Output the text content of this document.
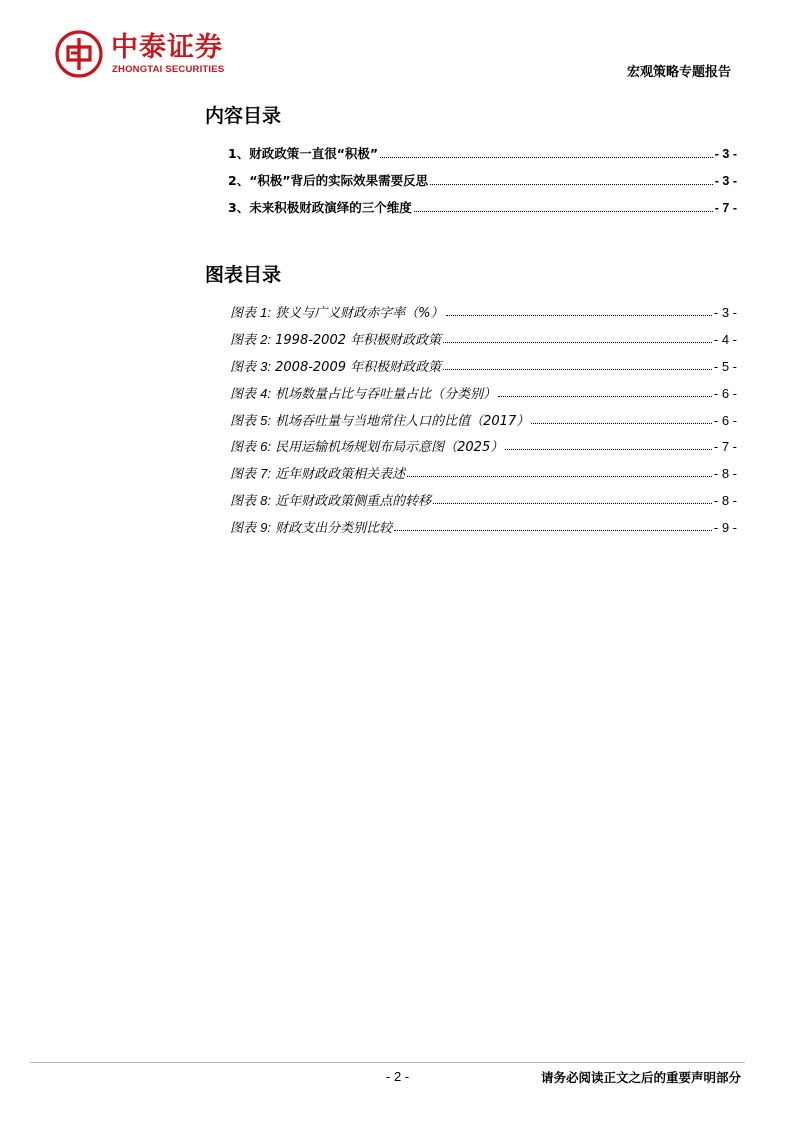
中泰证券
ZHONGTAI SECURITIES	宏观策略专题报告
内容目录
1、财政政策一直很“积极”	- 3 -
2、“积极”背后的实际效果需要反思	- 3 -
3、未来积极财政演绎的三个维度	- 7 -
图表目录
图表 1: 狭义与广义财政赤字率（%）	- 3 -
图表 2: 1998-2002 年积极财政政策	- 4 -
图表 3: 2008-2009 年积极财政政策	- 5 -
图表 4: 机场数量占比与吞吐量占比（分类别）	- 6 -
图表 5: 机场吞吐量与当地常住人口的比值（2017）	- 6 -
图表 6: 民用运输机场规划布局示意图（2025）	- 7 -
图表 7: 近年财政政策相关表述	- 8 -
图表 8: 近年财政政策侧重点的转移	- 8 -
图表 9: 财政支出分类别比较	- 9 -
- 2 -	请务必阅读正文之后的重要声明部分
